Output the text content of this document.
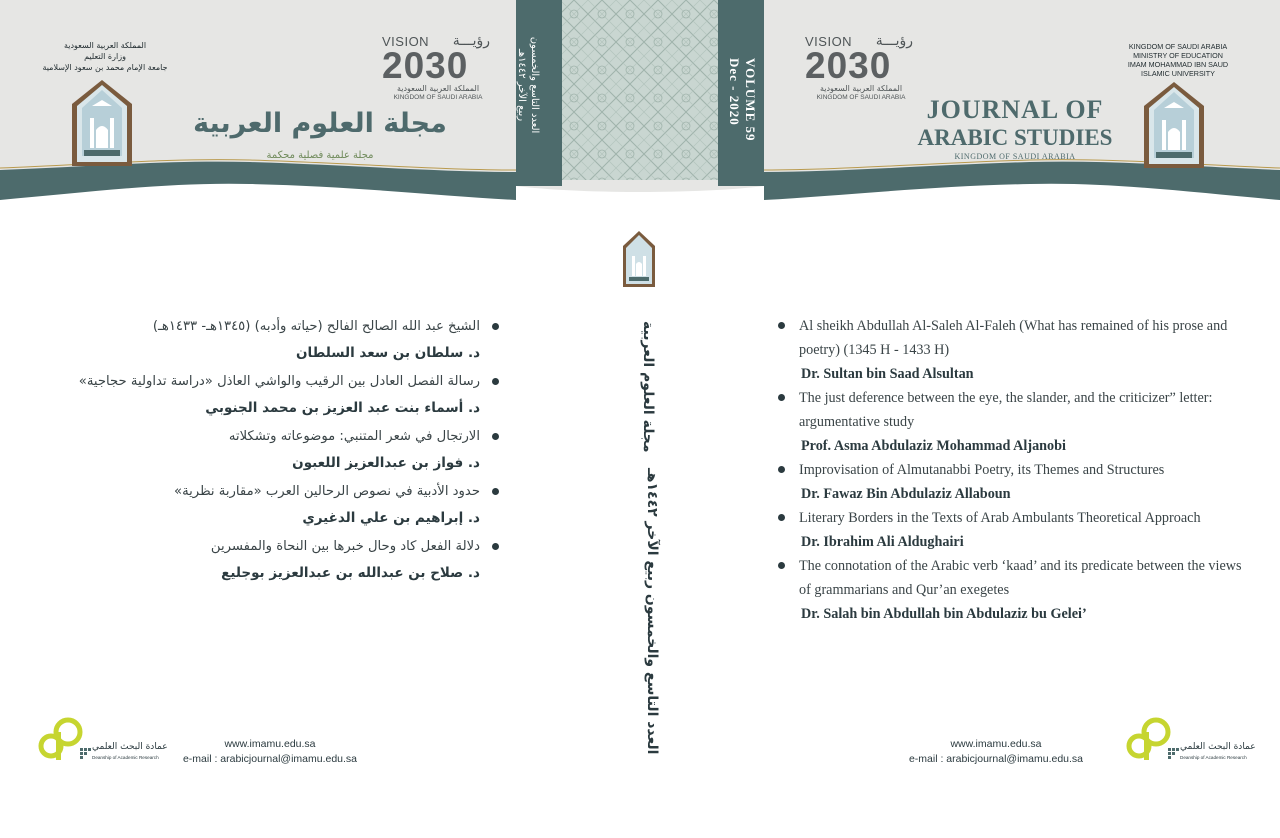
المملكة العربية السعودية
وزارة التعليم
جامعة الإمام محمد بن سعود الإسلامية
VISION رؤيـــة
2030
المملكة العربية السعودية
KINGDOM OF SAUDI ARABIA
مجلة العلوم العربية
مجلة علمية فصلية محكمة
العدد التاسع والخمسون
ربيع الآخر ١٤٤٢هـ	VOLUME 59
Dec - 2020
VISION رؤيـــة
2030
المملكة العربية السعودية
KINGDOM OF SAUDI ARABIA JOURNAL OF
ARABIC STUDIES
KINGDOM OF SAUDI ARABIA
KINGDOM OF SAUDI ARABIA
MINISTRY OF EDUCATION
IMAM MOHAMMAD IBN SAUD
ISLAMIC UNIVERSITY
مجلة العلوم العربية
العدد التاسع والخمسون ربيع الآخر ١٤٤٢هـ
الشيخ عبد الله الصالح الفالح (حياته وأدبه) (١٣٤٥هـ- ١٤٣٣هـ)
د. سلطان بن سعد السلطان
رسالة الفصل العادل بين الرقيب والواشي العاذل «دراسة تداولية حجاجية»
د. أسماء بنت عبد العزيز بن محمد الجنوبي
الارتجال في شعر المتنبي: موضوعاته وتشكلاته
د. فواز بن عبدالعزيز اللعبون
حدود الأدبية في نصوص الرحالين العرب «مقاربة نظرية»
د. إبراهيم بن علي الدغيري
دلالة الفعل كاد وحال خبرها بين النحاة والمفسرين
د. صلاح بن عبدالله بن عبدالعزيز بوجليع
Al sheikh Abdullah Al-Saleh Al-Faleh (What has remained of his prose and poetry) (1345 H - 1433 H)
Dr. Sultan bin Saad Alsultan
The just deference between the eye, the slander, and the criticizer” letter: argumentative study
Prof. Asma Abdulaziz Mohammad Aljanobi
Improvisation of Almutanabbi Poetry, its Themes and Structures
Dr. Fawaz Bin Abdulaziz Allaboun
Literary Borders in the Texts of Arab Ambulants Theoretical Approach
Dr. Ibrahim Ali Aldughairi
The connotation of the Arabic verb ‘kaad’ and its predicate between the views of grammarians and Qur’an exegetes
Dr. Salah bin Abdullah bin Abdulaziz bu Gelei’
عمادة البحث العلمي
Deanship of Academic Research
www.imamu.edu.sa
e-mail : arabicjournal@imamu.edu.sa
www.imamu.edu.sa
e-mail : arabicjournal@imamu.edu.sa
عمادة البحث العلمي
Deanship of Academic Research
